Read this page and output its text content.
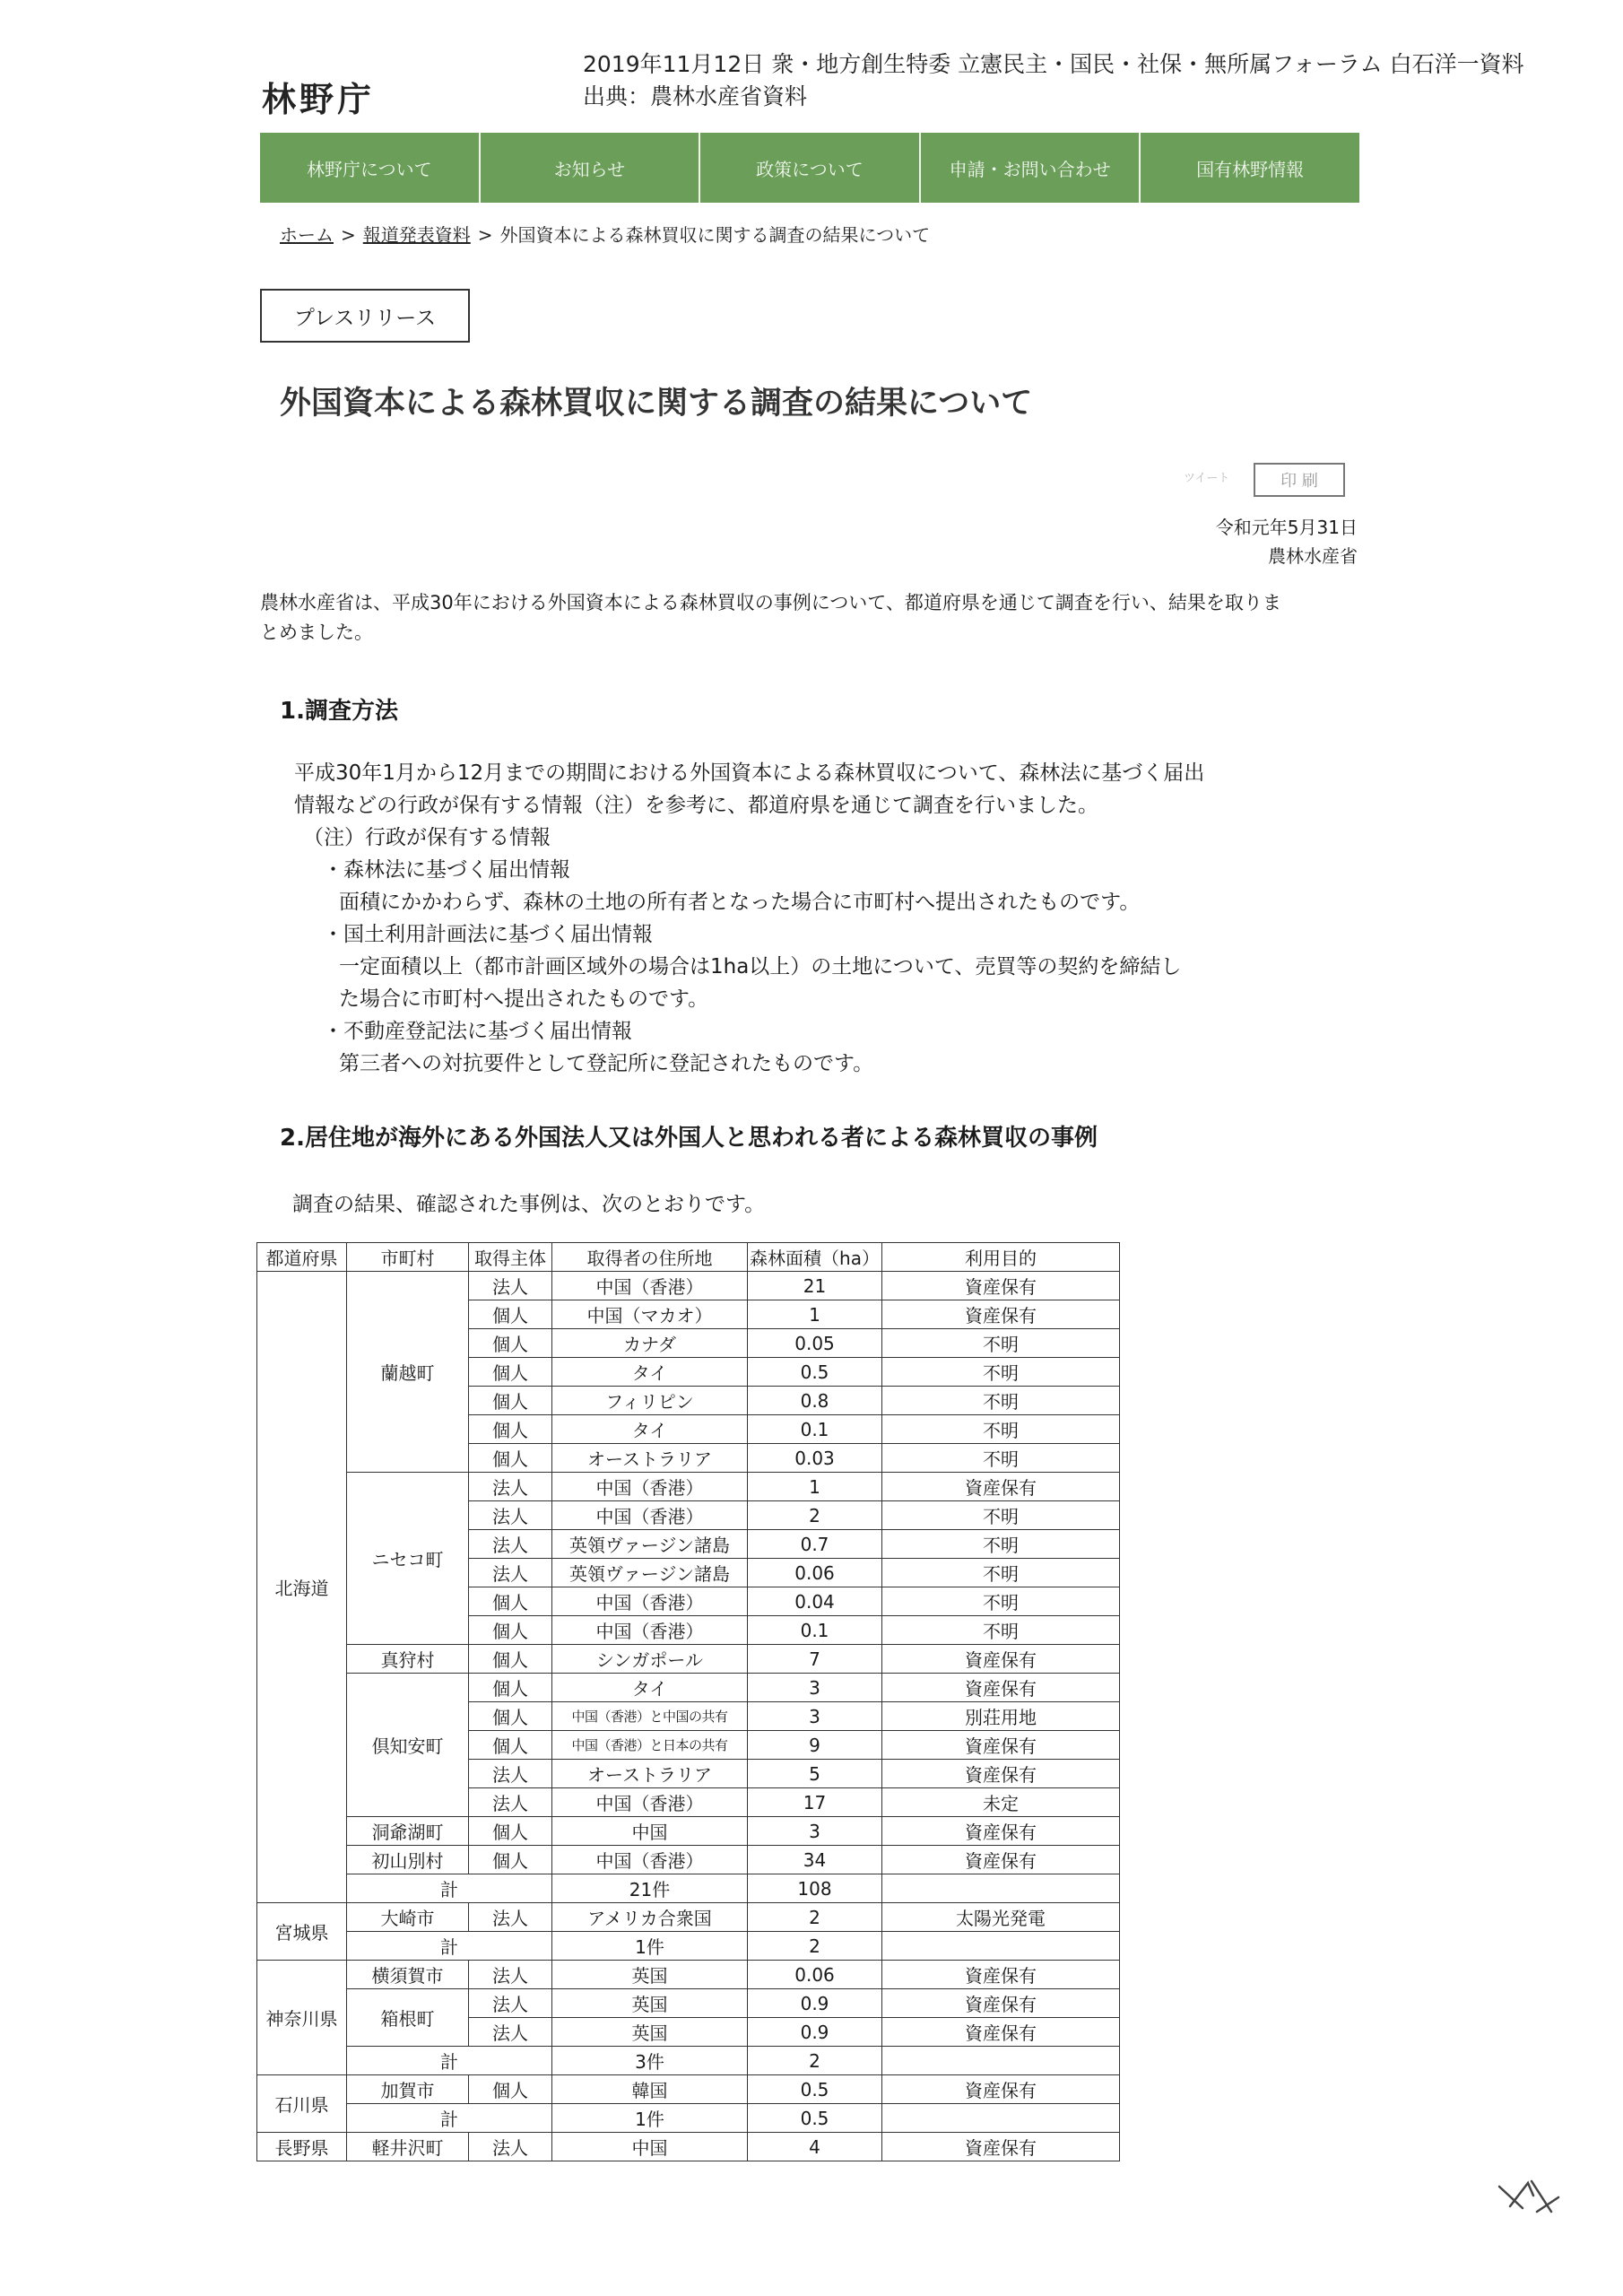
林野庁
2019年11月12日 衆・地方創生特委 立憲民主・国民・社保・無所属フォーラム 白石洋一資料
出典：農林水産省資料
林野庁について	お知らせ	政策について	申請・お問い合わせ	国有林野情報
ホーム > 報道発表資料 > 外国資本による森林買収に関する調査の結果について
プレスリリース
外国資本による森林買収に関する調査の結果について
ツイート	印 刷
令和元年5月31日
農林水産省
農林水産省は、平成30年における外国資本による森林買収の事例について、都道府県を通じて調査を行い、結果を取りま
とめました。
1.調査方法
平成30年1月から12月までの期間における外国資本による森林買収について、森林法に基づく届出
情報などの行政が保有する情報（注）を参考に、都道府県を通じて調査を行いました。
（注）行政が保有する情報
・森林法に基づく届出情報
面積にかかわらず、森林の土地の所有者となった場合に市町村へ提出されたものです。
・国土利用計画法に基づく届出情報
一定面積以上（都市計画区域外の場合は1ha以上）の土地について、売買等の契約を締結し
た場合に市町村へ提出されたものです。
・不動産登記法に基づく届出情報
第三者への対抗要件として登記所に登記されたものです。
2.居住地が海外にある外国法人又は外国人と思われる者による森林買収の事例
調査の結果、確認された事例は、次のとおりです。
都道府県	市町村	取得主体	取得者の住所地	森林面積（ha）	利用目的
北海道	蘭越町	法人	中国（香港）	21	資産保有
		個人	中国（マカオ）	1	資産保有
		個人	カナダ	0.05	不明
		個人	タイ	0.5	不明
		個人	フィリピン	0.8	不明
		個人	タイ	0.1	不明
		個人	オーストラリア	0.03	不明
	ニセコ町	法人	中国（香港）	1	資産保有
		法人	中国（香港）	2	不明
		法人	英領ヴァージン諸島	0.7	不明
		法人	英領ヴァージン諸島	0.06	不明
		個人	中国（香港）	0.04	不明
		個人	中国（香港）	0.1	不明
	真狩村	個人	シンガポール	7	資産保有
	倶知安町	個人	タイ	3	資産保有
		個人	中国（香港）と中国の共有	3	別荘用地
		個人	中国（香港）と日本の共有	9	資産保有
		法人	オーストラリア	5	資産保有
		法人	中国（香港）	17	未定
	洞爺湖町	個人	中国	3	資産保有
	初山別村	個人	中国（香港）	34	資産保有
	計		21件	108	
宮城県	大崎市	法人	アメリカ合衆国	2	太陽光発電
	計		1件	2	
神奈川県	横須賀市	法人	英国	0.06	資産保有
	箱根町	法人	英国	0.9	資産保有
		法人	英国	0.9	資産保有
	計		3件	2	
石川県	加賀市	個人	韓国	0.5	資産保有
	計		1件	0.5	
長野県	軽井沢町	法人	中国	4	資産保有
